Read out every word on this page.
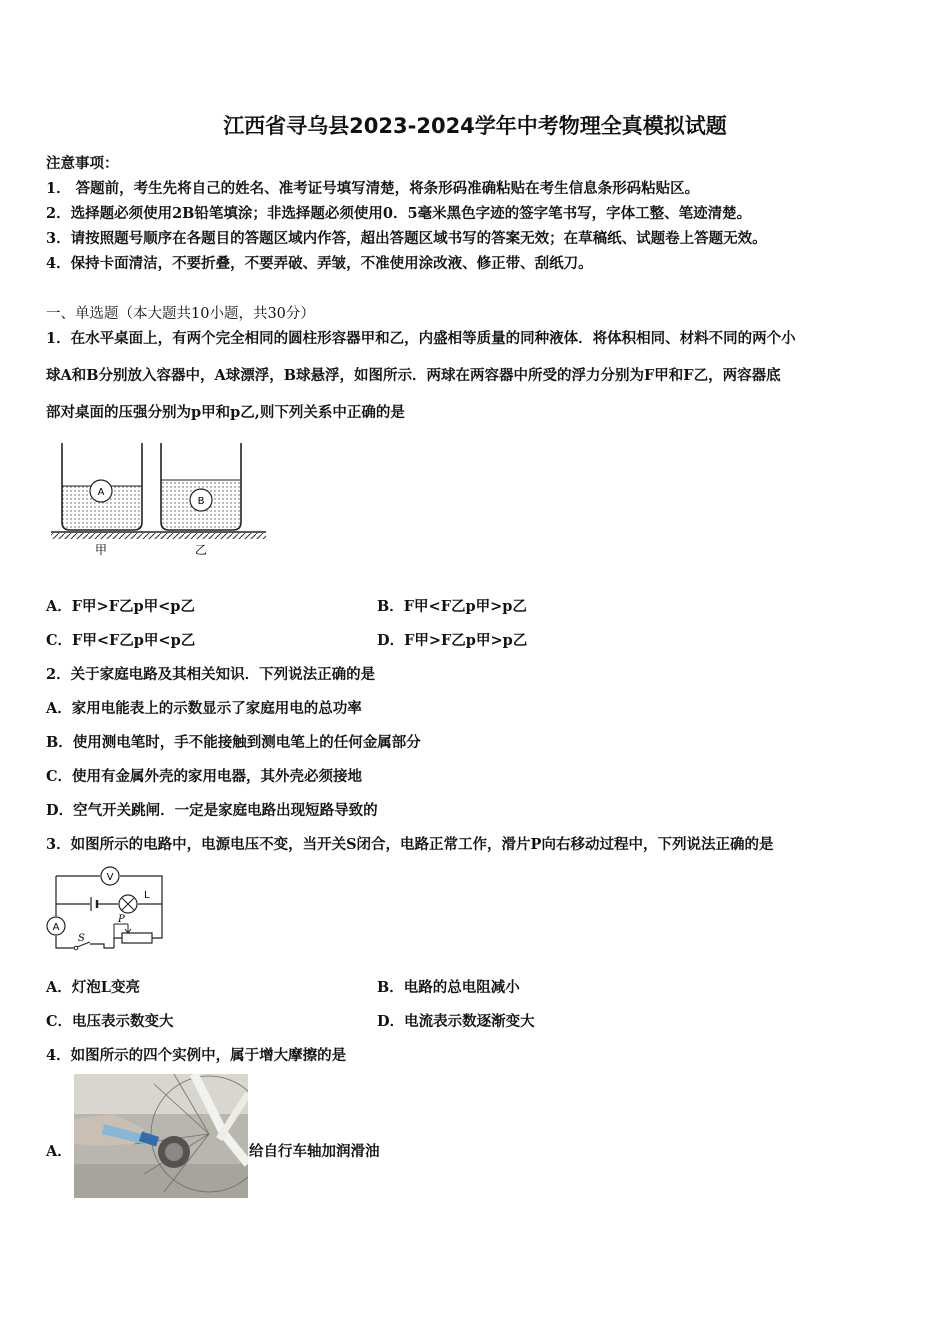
江西省寻乌县2023-2024学年中考物理全真模拟试题
注意事项：
1． 答题前，考生先将自己的姓名、准考证号填写清楚，将条形码准确粘贴在考生信息条形码粘贴区。
2．选择题必须使用2B铅笔填涂；非选择题必须使用0．5毫米黑色字迹的签字笔书写，字体工整、笔迹清楚。
3．请按照题号顺序在各题目的答题区域内作答，超出答题区域书写的答案无效；在草稿纸、试题卷上答题无效。
4．保持卡面清洁，不要折叠，不要弄破、弄皱，不准使用涂改液、修正带、刮纸刀。
一、单选题（本大题共10小题，共30分）
1．在水平桌面上，有两个完全相同的圆柱形容器甲和乙，内盛相等质量的同种液体．将体积相同、材料不同的两个小
球A和B分别放入容器中，A球漂浮，B球悬浮，如图所示．两球在两容器中所受的浮力分别为F甲和F乙，两容器底
部对桌面的压强分别为p甲和p乙,则下列关系中正确的是
A
B
甲	乙
A．F甲>F乙p甲<p乙	B．F甲<F乙p甲>p乙
C．F甲<F乙p甲<p乙	D．F甲>F乙p甲>p乙
2．关于家庭电路及其相关知识．下列说法正确的是
A．家用电能表上的示数显示了家庭用电的总功率
B．使用测电笔时，手不能接触到测电笔上的任何金属部分
C．使用有金属外壳的家用电器，其外壳必须接地
D．空气开关跳闸．一定是家庭电路出现短路导致的
3．如图所示的电路中，电源电压不变，当开关S闭合，电路正常工作，滑片P向右移动过程中，下列说法正确的是
V
L
A
S
P
A．灯泡L变亮	B．电路的总电阻减小
C．电压表示数变大	D．电流表示数逐渐变大
4．如图所示的四个实例中，属于增大摩擦的是
A．	给自行车轴加润滑油
